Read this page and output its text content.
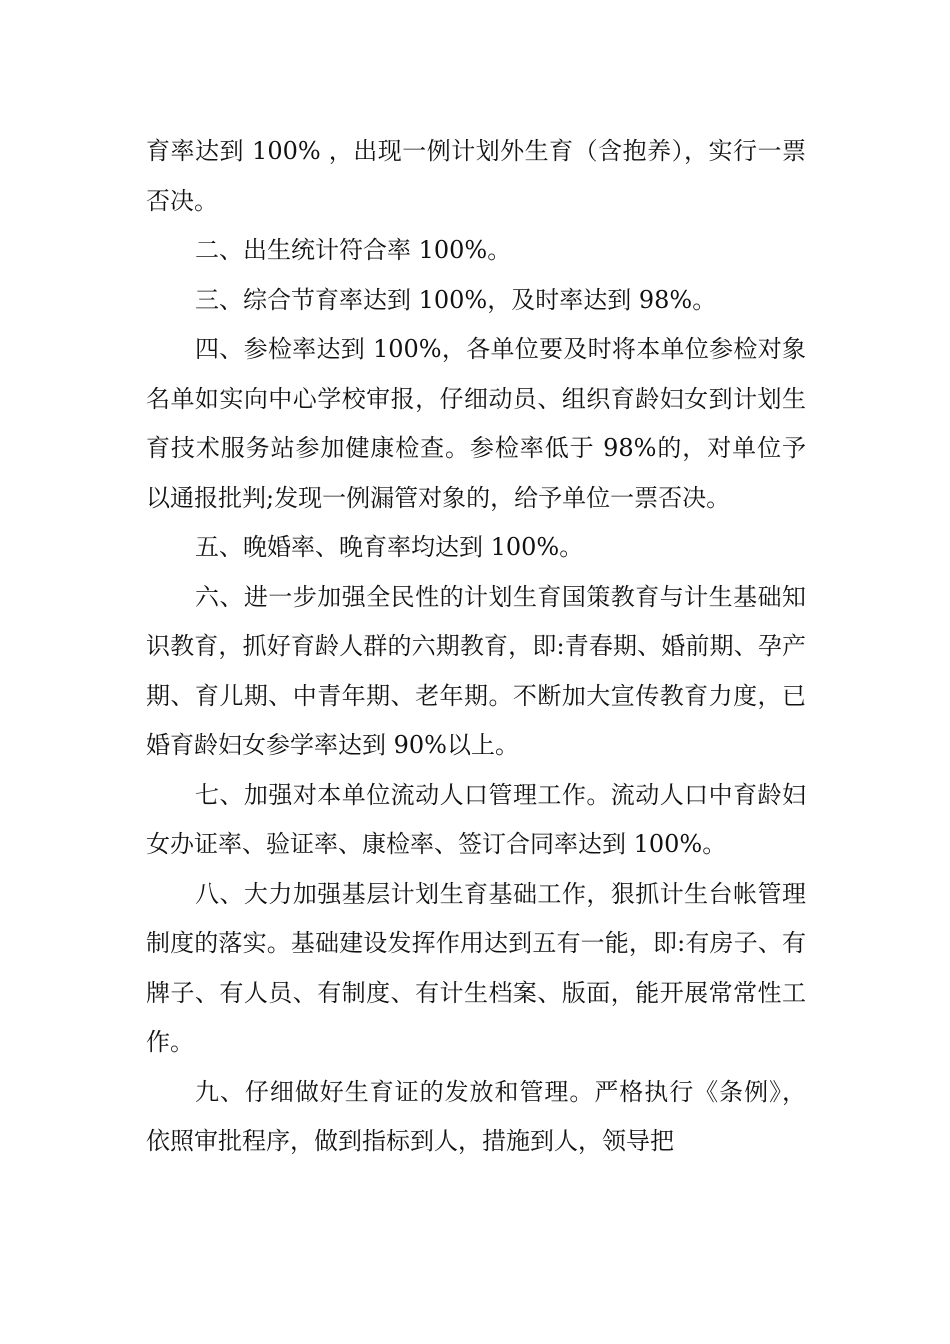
育率达到 100% ，出现一例计划外生育（含抱养），实行一票否决。

二、出生统计符合率 100%。

三、综合节育率达到 100%，及时率达到 98%。

四、参检率达到 100%，各单位要及时将本单位参检对象名单如实向中心学校审报，仔细动员、组织育龄妇女到计划生育技术服务站参加健康检查。参检率低于 98%的，对单位予以通报批判;发现一例漏管对象的，给予单位一票否决。

五、晚婚率、晚育率均达到 100%。

六、进一步加强全民性的计划生育国策教育与计生基础知识教育，抓好育龄人群的六期教育，即:青春期、婚前期、孕产期、育儿期、中青年期、老年期。不断加大宣传教育力度，已婚育龄妇女参学率达到 90%以上。

七、加强对本单位流动人口管理工作。流动人口中育龄妇女办证率、验证率、康检率、签订合同率达到 100%。

八、大力加强基层计划生育基础工作，狠抓计生台帐管理制度的落实。基础建设发挥作用达到五有一能，即:有房子、有牌子、有人员、有制度、有计生档案、版面，能开展常常性工作。

九、仔细做好生育证的发放和管理。严格执行《条例》，依照审批程序，做到指标到人，措施到人，领导把
